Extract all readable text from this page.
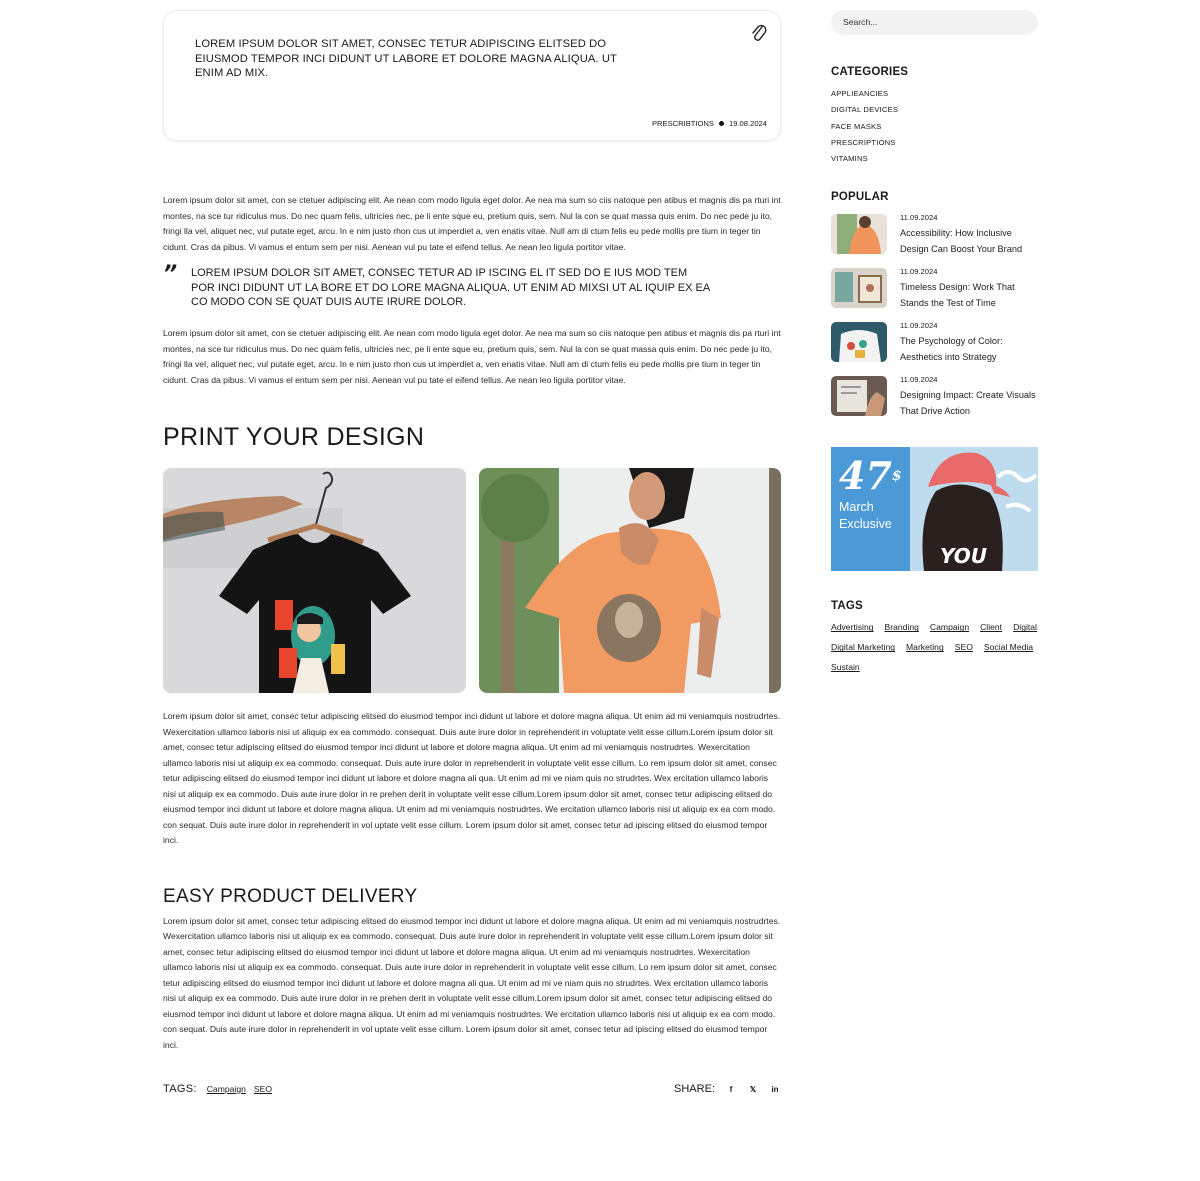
LOREM IPSUM DOLOR SIT AMET, CONSEC TETUR ADIPISCING ELITSED DO EIUSMOD TEMPOR INCI DIDUNT UT LABORE ET DOLORE MAGNA ALIQUA. UT ENIM AD MIX.
PRESCRIBTIONS 19.08.2024

Lorem ipsum dolor sit amet, con se ctetuer adipiscing elit. Ae nean com modo ligula eget dolor. Ae nea ma sum so ciis natoque pen atibus et magnis dis pa rturi int montes, na sce tur ridiculus mus. Do nec quam felis, ultricies nec, pe li ente sque eu, pretium quis, sem. Nul la con se quat massa quis enim. Do nec pede ju ito, fringi lla vel, aliquet nec, vul putate eget, arcu. In e nim justo rhon cus ut imperdiet a, ven enatis vitae. Null am di ctum felis eu pede mollis pre tium in teger tin cidunt. Cras da pibus. Vi vamus el entum sem per nisi. Aenean vul pu tate el eifend tellus. Ae nean leo ligula portitor vitae.

” LOREM IPSUM DOLOR SIT AMET, CONSEC TETUR AD IP ISCING EL IT SED DO E IUS MOD TEM POR INCI DIDUNT UT LA BORE ET DO LORE MAGNA ALIQUA. UT ENIM AD MIXSI UT AL IQUIP EX EA CO MODO CON SE QUAT DUIS AUTE IRURE DOLOR.

Lorem ipsum dolor sit amet, con se ctetuer adipiscing elit. Ae nean com modo ligula eget dolor. Ae nea ma sum so ciis natoque pen atibus et magnis dis pa rturi int montes, na sce tur ridiculus mus. Do nec quam felis, ultricies nec, pe li ente sque eu, pretium quis, sem. Nul la con se quat massa quis enim. Do nec pede ju ito, fringi lla vel, aliquet nec, vul putate eget, arcu. In e nim justo rhon cus ut imperdiet a, ven enatis vitae. Null am di ctum felis eu pede mollis pre tium in teger tin cidunt. Cras da pibus. Vi vamus el entum sem per nisi. Aenean vul pu tate el eifend tellus. Ae nean leo ligula portitor vitae.

PRINT YOUR DESIGN

Lorem ipsum dolor sit amet, consec tetur adipiscing elitsed do eiusmod tempor inci didunt ut labore et dolore magna aliqua. Ut enim ad mi veniamquis nostrudrtes. Wexercitation ullamco laboris nisi ut aliquip ex ea commodo. consequat. Duis aute irure dolor in reprehenderit in voluptate velit esse cillum.Lorem ipsum dolor sit amet, consec tetur adipiscing elitsed do eiusmod tempor inci didunt ut labore et dolore magna aliqua. Ut enim ad mi veniamquis nostrudrtes. Wexercitation ullamco laboris nisi ut aliquip ex ea commodo. consequat. Duis aute irure dolor in reprehenderit in voluptate velit esse cillum. Lo rem ipsum dolor sit amet, consec tetur adipiscing elitsed do eiusmod tempor inci didunt ut labore et dolore magna ali qua. Ut enim ad mi ve niam quis no strudrtes. Wex ercitation ullamco laboris nisi ut aliquip ex ea commodo. Duis aute irure dolor in re prehen derit in voluptate velit esse cillum.Lorem ipsum dolor sit amet, consec tetur adipiscing elitsed do eiusmod tempor inci didunt ut labore et dolore magna aliqua. Ut enim ad mi veniamquis nostrudrtes. We ercitation ullamco laboris nisi ut aliquip ex ea com modo. con sequat. Duis aute irure dolor in reprehenderit in vol uptate velit esse cillum. Lorem ipsum dolor sit amet, consec tetur ad ipiscing elitsed do eiusmod tempor inci.

EASY PRODUCT DELIVERY

Lorem ipsum dolor sit amet, consec tetur adipiscing elitsed do eiusmod tempor inci didunt ut labore et dolore magna aliqua. Ut enim ad mi veniamquis nostrudrtes. Wexercitation ullamco laboris nisi ut aliquip ex ea commodo. consequat. Duis aute irure dolor in reprehenderit in voluptate velit esse cillum.Lorem ipsum dolor sit amet, consec tetur adipiscing elitsed do eiusmod tempor inci didunt ut labore et dolore magna aliqua. Ut enim ad mi veniamquis nostrudrtes. Wexercitation ullamco laboris nisi ut aliquip ex ea commodo. consequat. Duis aute irure dolor in reprehenderit in voluptate velit esse cillum. Lo rem ipsum dolor sit amet, consec tetur adipiscing elitsed do eiusmod tempor inci didunt ut labore et dolore magna ali qua. Ut enim ad mi ve niam quis no strudrtes. Wex ercitation ullamco laboris nisi ut aliquip ex ea commodo. Duis aute irure dolor in re prehen derit in voluptate velit esse cillum.Lorem ipsum dolor sit amet, consec tetur adipiscing elitsed do eiusmod tempor inci didunt ut labore et dolore magna aliqua. Ut enim ad mi veniamquis nostrudrtes. We ercitation ullamco laboris nisi ut aliquip ex ea com modo. con sequat. Duis aute irure dolor in reprehenderit in vol uptate velit esse cillum. Lorem ipsum dolor sit amet, consec tetur ad ipiscing elitsed do eiusmod tempor inci.

TAGS: Campaign SEO	SHARE:	f	𝕏	in
Search...
CATEGORIES
APPLIEANCIES
DIGITAL DEVICES
FACE MASKS
PRESCRIPTIONS
VITAMINS
POPULAR
11.09.2024
Accessibility: How Inclusive Design Can Boost Your Brand
11.09.2024
Timeless Design: Work That Stands the Test of Time
11.09.2024
The Psychology of Color: Aesthetics into Strategy
11.09.2024
Designing Impact: Create Visuals That Drive Action
47$
March
Exclusive
YOU
TAGS
Advertising Branding Campaign Client Digital
Digital Marketing Marketing SEO Social Media
Sustain
